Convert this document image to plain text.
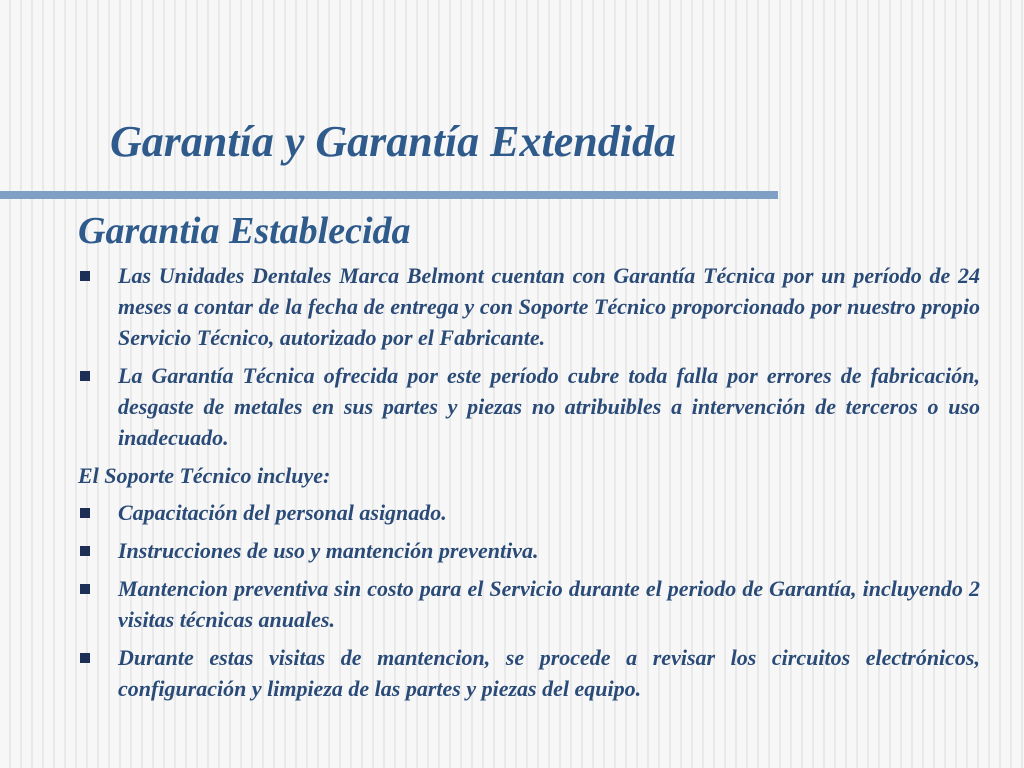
Garantía y Garantía Extendida
Garantia Establecida
Las Unidades Dentales Marca Belmont cuentan con Garantía Técnica por un período de 24 meses a contar de la fecha de entrega y con Soporte Técnico proporcionado por nuestro propio Servicio Técnico, autorizado por el Fabricante.
La Garantía Técnica ofrecida por este período cubre toda falla por errores de fabricación, desgaste de metales en sus partes y piezas no atribuibles a intervención de terceros o uso inadecuado.

El Soporte Técnico incluye:

Capacitación del personal asignado.
Instrucciones de uso y mantención preventiva.
Mantencion preventiva sin costo para el Servicio durante el periodo de Garantía, incluyendo 2 visitas técnicas anuales.
Durante estas visitas de mantencion, se procede a revisar los circuitos electrónicos, configuración y limpieza de las partes y piezas del equipo.
